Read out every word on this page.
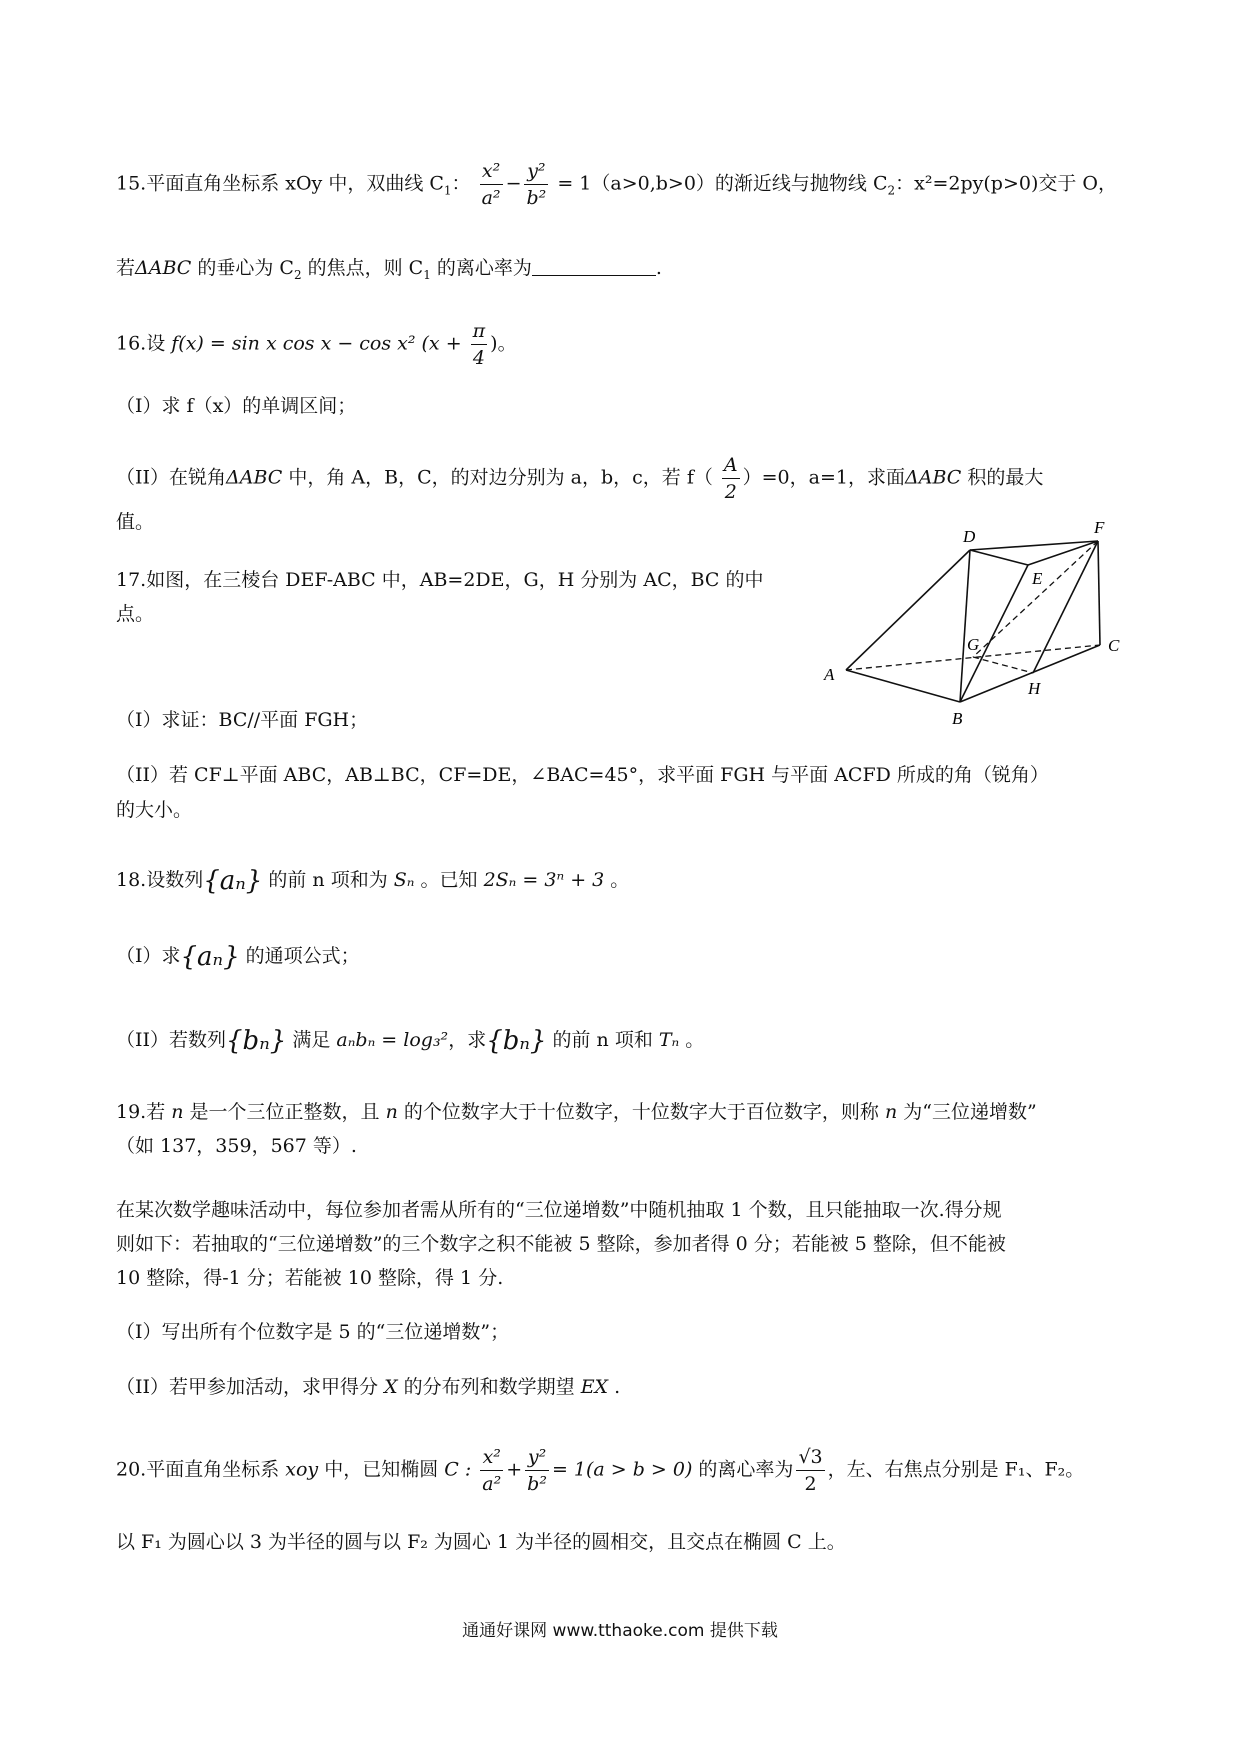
15.平面直角坐标系 xOy 中，双曲线 $C_1$： $\frac{\text{x²}}{\text{a²}} - \frac{\text{y²}}{\text{b²}} = 1(a>0,b>0)$的渐近线与抛物线 $C_2$：x²=2py(p>0)交于 O，
若ΔABC 的垂心为 $C_2$ 的焦点，则 $C_1$ 的离心率为	.
16.设 f(x) = sin x cos x − cos x² ($x + \frac{\pi}{4}$ )。
（I）求 f（x）的单调区间；
（II）在锐角ΔABC 中，角 A，B，C，的对边分别为 a，b，c，若 $f( \frac{A}{2} )=0$，a=1，求面ΔABC 积的最大
值。
17.如图，在三棱台 DEF-ABC 中，AB=2DE，G，H 分别为 AC，BC 的中
点。
（I）求证：BC//平面 FGH；
（II）若 CF⊥平面 ABC，AB⊥BC，CF=DE，∠BAC=45°，求平面 FGH 与平面 ACFD 所成的角（锐角）
的大小。
D	F
E
G	C
A
H
B
18.设数列{aₙ} 的前 n 项和为 Sₙ 。已知 2Sₙ = 3ⁿ + 3 。
（I）求{aₙ} 的通项公式；
（II）若数列{bₙ} 满足 aₙbₙ = log₃²，求{bₙ} 的前 n 项和 Tₙ 。
19.若 n 是一个三位正整数，且 n 的个位数字大于十位数字，十位数字大于百位数字，则称 n 为“三位递增数”
（如 137，359，567 等）.
在某次数学趣味活动中，每位参加者需从所有的“三位递增数”中随机抽取 1 个数，且只能抽取一次.得分规
则如下：若抽取的“三位递增数”的三个数字之积不能被 5 整除，参加者得 0 分；若能被 5 整除，但不能被
10 整除，得-1 分；若能被 10 整除，得 1 分.
（I）写出所有个位数字是 5 的“三位递增数”；
（II）若甲参加活动，求甲得分 X 的分布列和数学期望 EX .
20.平面直角坐标系 xoy 中，已知椭圆 C : $\frac{\text{x²}}{\text{a²}} + \frac{\text{y²}}{\text{b²}} = 1(a > b > 0)$ 的离心率为 $\frac{√3}{2}$ ，左、右焦点分别是 F₁、F₂。
以 F₁ 为圆心以 3 为半径的圆与以 F₂ 为圆心 1 为半径的圆相交，且交点在椭圆 C 上。
通通好课网 www.tthaoke.com 提供下载
